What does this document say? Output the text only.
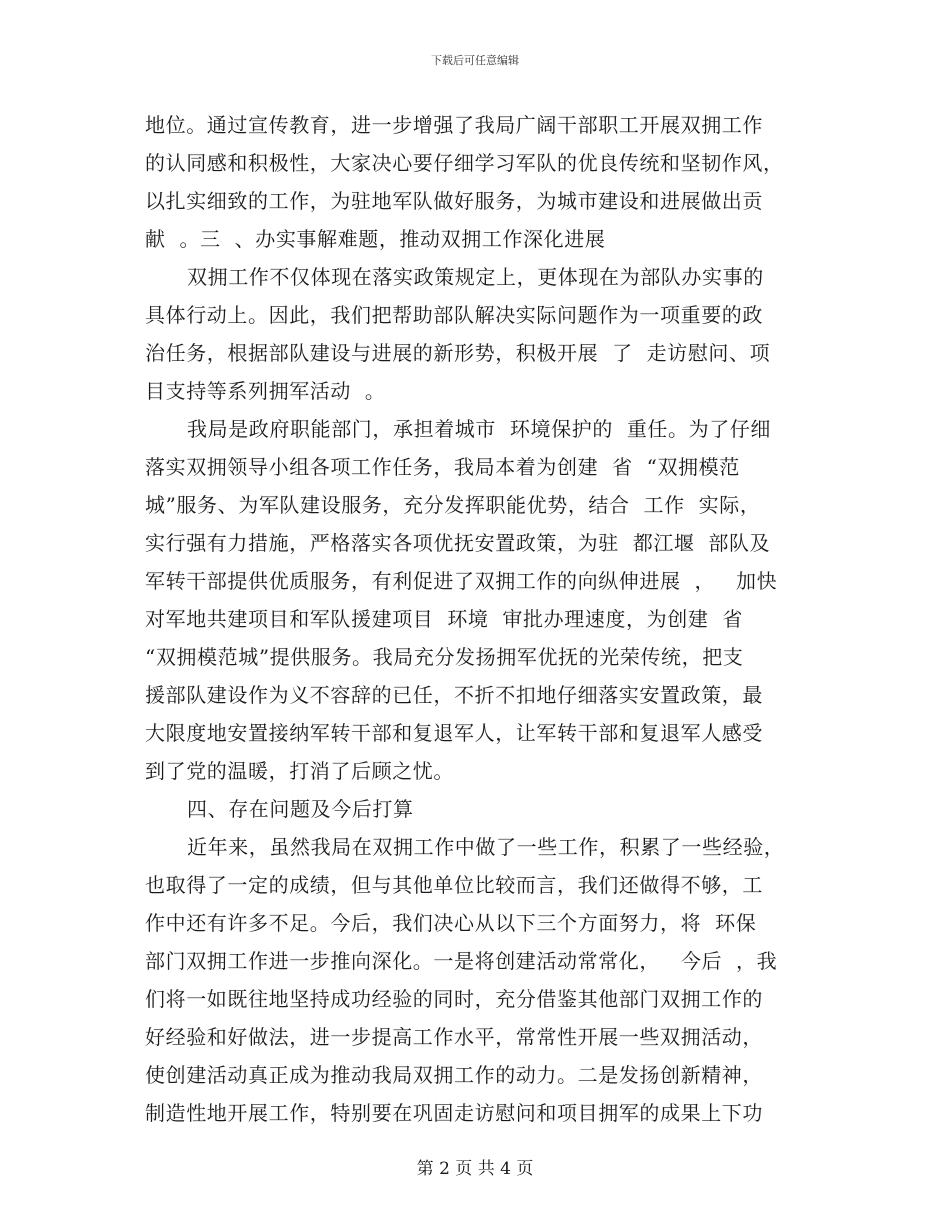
下载后可任意编辑
地位。通过宣传教育，进一步增强了我局广阔干部职工开展双拥工作
的认同感和积极性，大家决心要仔细学习军队的优良传统和坚韧作风，
以扎实细致的工作，为驻地军队做好服务，为城市建设和进展做出贡
献  。三  、办实事解难题，推动双拥工作深化进展
双拥工作不仅体现在落实政策规定上，更体现在为部队办实事的
具体行动上。因此，我们把帮助部队解决实际问题作为一项重要的政
治任务，根据部队建设与进展的新形势，积极开展  了  走访慰问、项
目支持等系列拥军活动  。
我局是政府职能部门，承担着城市  环境保护的  重任。为了仔细
落实双拥领导小组各项工作任务，我局本着为创建  省  “双拥模范
城”服务、为军队建设服务，充分发挥职能优势，结合  工作  实际，
实行强有力措施，严格落实各项优抚安置政策，为驻  都江堰  部队及
军转干部提供优质服务，有利促进了双拥工作的向纵伸进展  ，   加快
对军地共建项目和军队援建项目  环境  审批办理速度，为创建  省
“双拥模范城”提供服务。我局充分发扬拥军优抚的光荣传统，把支
援部队建设作为义不容辞的已任，不折不扣地仔细落实安置政策，最
大限度地安置接纳军转干部和复退军人，让军转干部和复退军人感受
到了党的温暖，打消了后顾之忧。
四、存在问题及今后打算
近年来，虽然我局在双拥工作中做了一些工作，积累了一些经验，
也取得了一定的成绩，但与其他单位比较而言，我们还做得不够，工
作中还有许多不足。今后，我们决心从以下三个方面努力，将  环保
部门双拥工作进一步推向深化。一是将创建活动常常化，   今后  ，我
们将一如既往地坚持成功经验的同时，充分借鉴其他部门双拥工作的
好经验和好做法，进一步提高工作水平，常常性开展一些双拥活动，
使创建活动真正成为推动我局双拥工作的动力。二是发扬创新精神，
制造性地开展工作，特别要在巩固走访慰问和项目拥军的成果上下功
第 2 页 共 4 页
